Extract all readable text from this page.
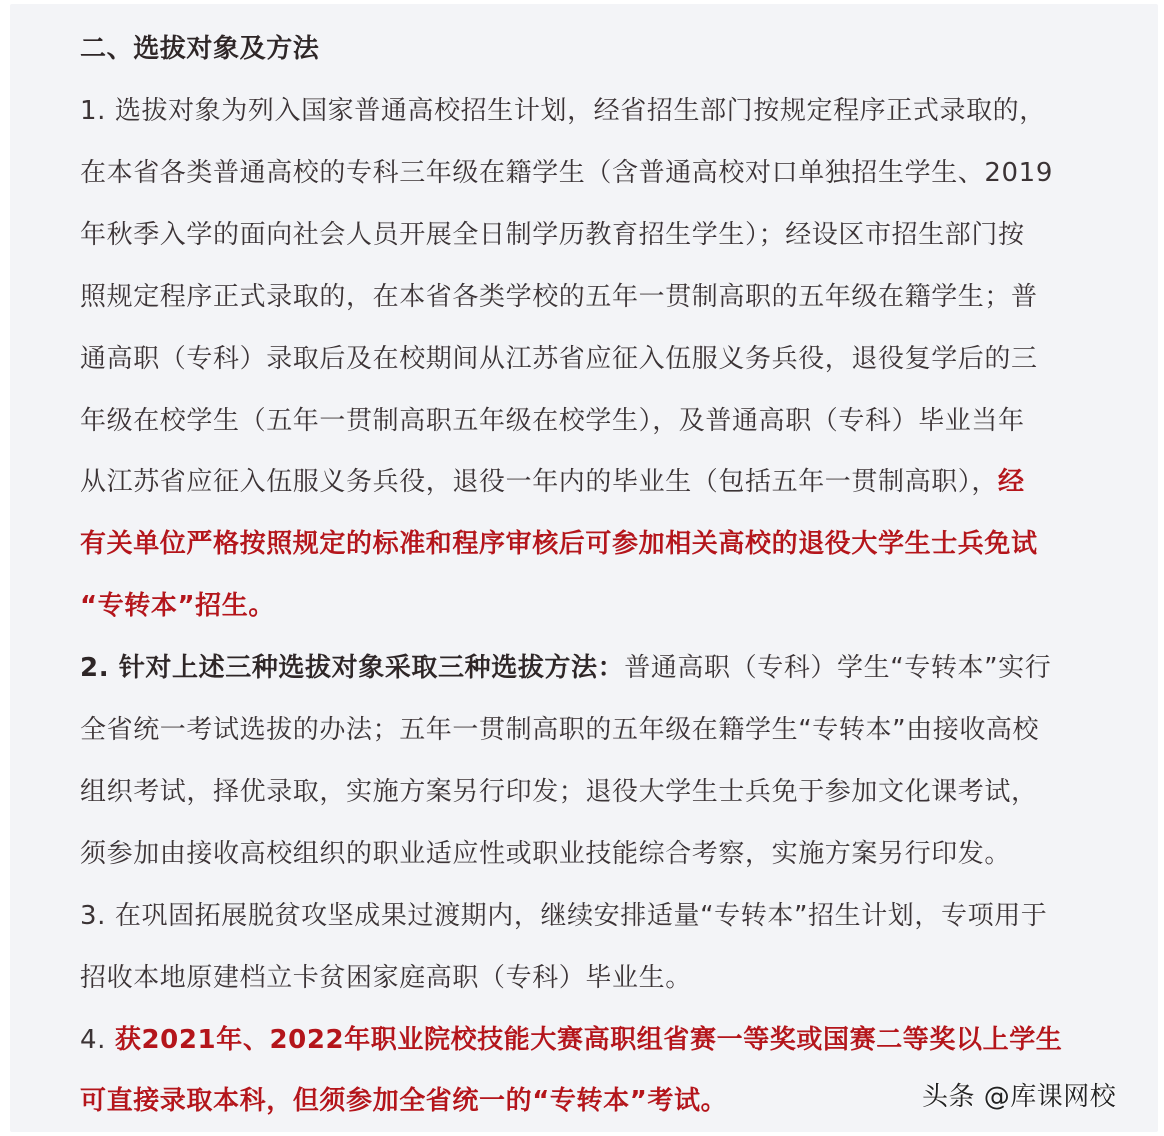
二、选拔对象及方法
1. 选拔对象为列入国家普通高校招生计划，经省招生部门按规定程序正式录取的，
在本省各类普通高校的专科三年级在籍学生（含普通高校对口单独招生学生、2019
年秋季入学的面向社会人员开展全日制学历教育招生学生）；经设区市招生部门按
照规定程序正式录取的，在本省各类学校的五年一贯制高职的五年级在籍学生；普
通高职（专科）录取后及在校期间从江苏省应征入伍服义务兵役，退役复学后的三
年级在校学生（五年一贯制高职五年级在校学生），及普通高职（专科）毕业当年
从江苏省应征入伍服义务兵役，退役一年内的毕业生（包括五年一贯制高职），经
有关单位严格按照规定的标准和程序审核后可参加相关高校的退役大学生士兵免试
“专转本”招生。
2. 针对上述三种选拔对象采取三种选拔方法：普通高职（专科）学生“专转本”实行
全省统一考试选拔的办法；五年一贯制高职的五年级在籍学生“专转本”由接收高校
组织考试，择优录取，实施方案另行印发；退役大学生士兵免于参加文化课考试，
须参加由接收高校组织的职业适应性或职业技能综合考察，实施方案另行印发。
3. 在巩固拓展脱贫攻坚成果过渡期内，继续安排适量“专转本”招生计划，专项用于
招收本地原建档立卡贫困家庭高职（专科）毕业生。
4. 获2021年、2022年职业院校技能大赛高职组省赛一等奖或国赛二等奖以上学生
可直接录取本科，但须参加全省统一的“专转本”考试。	头条 @库课网校
